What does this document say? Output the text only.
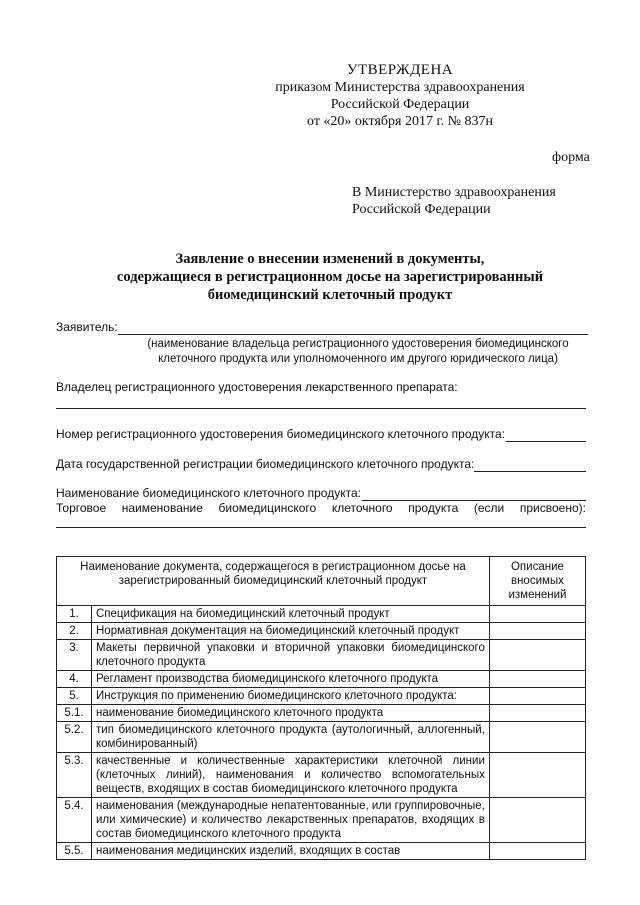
УТВЕРЖДЕНА
приказом Министерства здравоохранения
Российской Федерации
от «20» октября 2017 г. № 837н
форма
В Министерство здравоохранения
Российской Федерации
Заявление о внесении изменений в документы,
содержащиеся в регистрационном досье на зарегистрированный
биомедицинский клеточный продукт
Заявитель:
(наименование владельца регистрационного удостоверения биомедицинского
клеточного продукта или уполномоченного им другого юридического лица)
Владелец регистрационного удостоверения лекарственного препарата:
Номер регистрационного удостоверения биомедицинского клеточного продукта:
Дата государственной регистрации биомедицинского клеточного продукта:
Наименование биомедицинского клеточного продукта:
Торговое наименование биомедицинского клеточного продукта (если присвоено):
Наименование документа, содержащегося в регистрационном досье на зарегистрированный биомедицинский клеточный продукт		Описание вносимых изменений
1.	Спецификация на биомедицинский клеточный продукт	
2.	Нормативная документация на биомедицинский клеточный продукт	
3.	Макеты первичной упаковки и вторичной упаковки биомедицинского клеточного продукта	
4.	Регламент производства биомедицинского клеточного продукта	
5.	Инструкция по применению биомедицинского клеточного продукта:	
5.1.	наименование биомедицинского клеточного продукта	
5.2.	тип биомедицинского клеточного продукта (аутологичный, аллогенный, комбинированный)	
5.3.	качественные и количественные характеристики клеточной линии (клеточных линий), наименования и количество вспомогательных веществ, входящих в состав биомедицинского клеточного продукта	
5.4.	наименования (международные непатентованные, или группировочные, или химические) и количество лекарственных препаратов, входящих в состав биомедицинского клеточного продукта	
5.5.	наименования медицинских изделий, входящих в состав	
